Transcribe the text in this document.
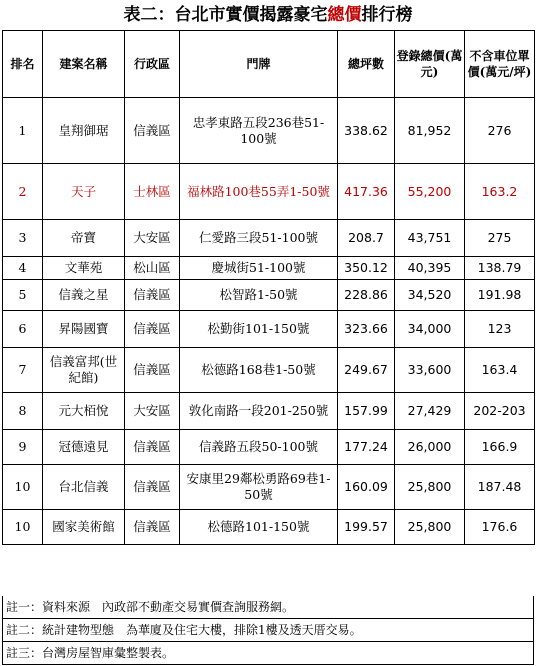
表二：台北市實價揭露豪宅總價排行榜
排名	建案名稱	行政區	門牌	總坪數	登錄總價(萬元)	不含車位單價(萬元/坪)
1	皇翔御琚	信義區	忠孝東路五段236巷51-100號	338.62	81,952	276
2	天子	士林區	福林路100巷55弄1-50號	417.36	55,200	163.2
3	帝寶	大安區	仁愛路三段51-100號	208.7	43,751	275
4	文華苑	松山區	慶城街51-100號	350.12	40,395	138.79
5	信義之星	信義區	松智路1-50號	228.86	34,520	191.98
6	昇陽國寶	信義區	松勤街101-150號	323.66	34,000	123
7	信義富邦(世紀館)	信義區	松德路168巷1-50號	249.67	33,600	163.4
8	元大栢悅	大安區	敦化南路一段201-250號	157.99	27,429	202-203
9	冠德遠見	信義區	信義路五段50-100號	177.24	26,000	166.9
10	台北信義	信義區	安康里29鄰松勇路69巷1-50號	160.09	25,800	187.48
10	國家美術館	信義區	松德路101-150號	199.57	25,800	176.6
註一：資料來源　內政部不動產交易實價查詢服務網。
註二：統計建物型態　為華廈及住宅大樓，排除1樓及透天厝交易。
註三：台灣房屋智庫彙整製表。
